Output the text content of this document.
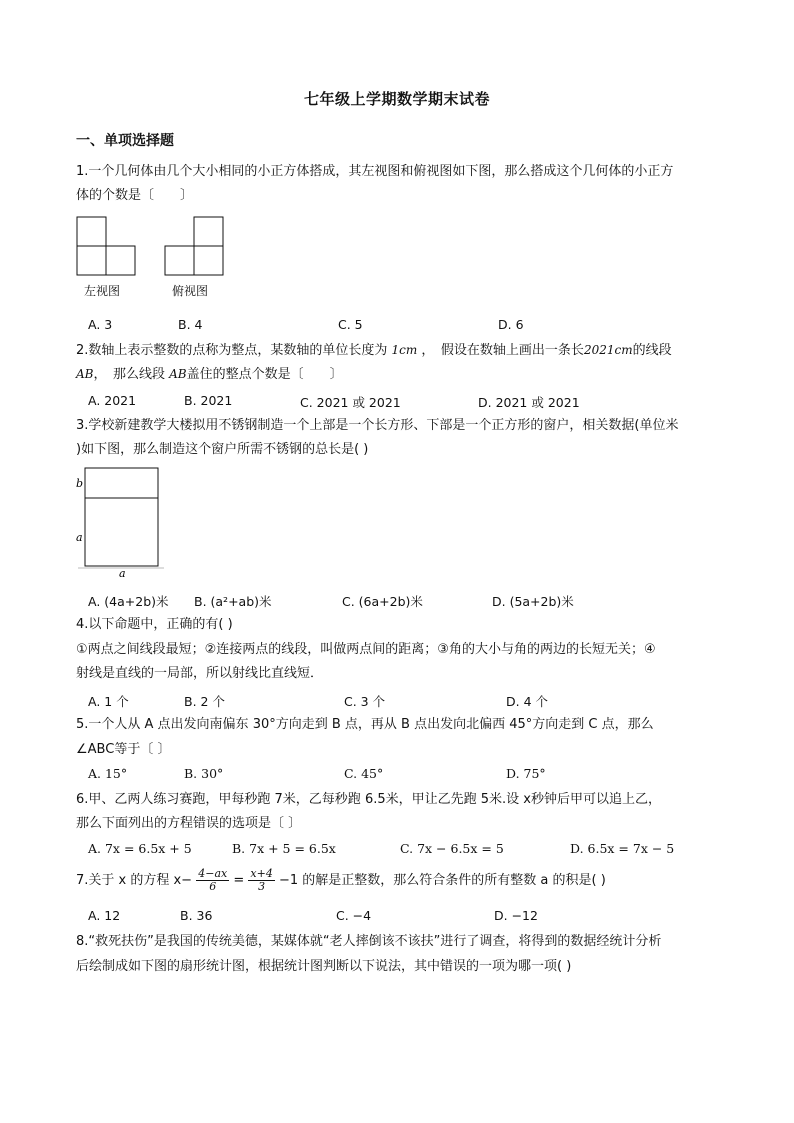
七年级上学期数学期末试卷
一、单项选择题
1.一个几何体由几个大小相同的小正方体搭成，其左视图和俯视图如下图，那么搭成这个几何体的小正方
体的个数是〔　　〕
左视图	俯视图
A. 3	B. 4	C. 5	D. 6
2.数轴上表示整数的点称为整点，某数轴的单位长度为 1cm ，　假设在数轴上画出一条长2021cm的线段
AB，　那么线段 AB盖住的整点个数是〔　　〕
A. 2021	B. 2021	C. 2021 或 2021	D. 2021 或 2021
3.学校新建教学大楼拟用不锈钢制造一个上部是一个长方形、下部是一个正方形的窗户，相关数据(单位米
)如下图，那么制造这个窗户所需不锈钢的总长是( )
b
a
a
A. (4a+2b)米 B. (a²+ab)米	C. (6a+2b)米	D. (5a+2b)米
4.以下命题中，正确的有( )
①两点之间线段最短；②连接两点的线段，叫做两点间的距离；③角的大小与角的两边的长短无关；④
射线是直线的一局部，所以射线比直线短．
A. 1 个	B. 2 个	C. 3 个	D. 4 个
5.一个人从 A 点出发向南偏东 30°方向走到 B 点，再从 B 点出发向北偏西 45°方向走到 C 点，那么
∠ABC等于〔 〕
A. 15°	B. 30°	C. 45°	D. 75°
6.甲、乙两人练习赛跑，甲每秒跑 7米，乙每秒跑 6.5米，甲让乙先跑 5米.设 x秒钟后甲可以追上乙，
那么下面列出的方程错误的选项是〔 〕
A. 7x = 6.5x + 5	B. 7x + 5 = 6.5x	C. 7x − 6.5x = 5	D. 6.5x = 7x − 5
7.关于 x 的方程 $x- \frac{4-ax}{6} = \frac{x+4}{3} -1$ 的解是正整数，那么符合条件的所有整数 a 的积是( )
A. 12	B. 36	C. −4	D. −12
8.“救死扶伤”是我国的传统美德，某媒体就“老人摔倒该不该扶”进行了调查，将得到的数据经统计分析
后绘制成如下图的扇形统计图，根据统计图判断以下说法，其中错误的一项为哪一项( )
